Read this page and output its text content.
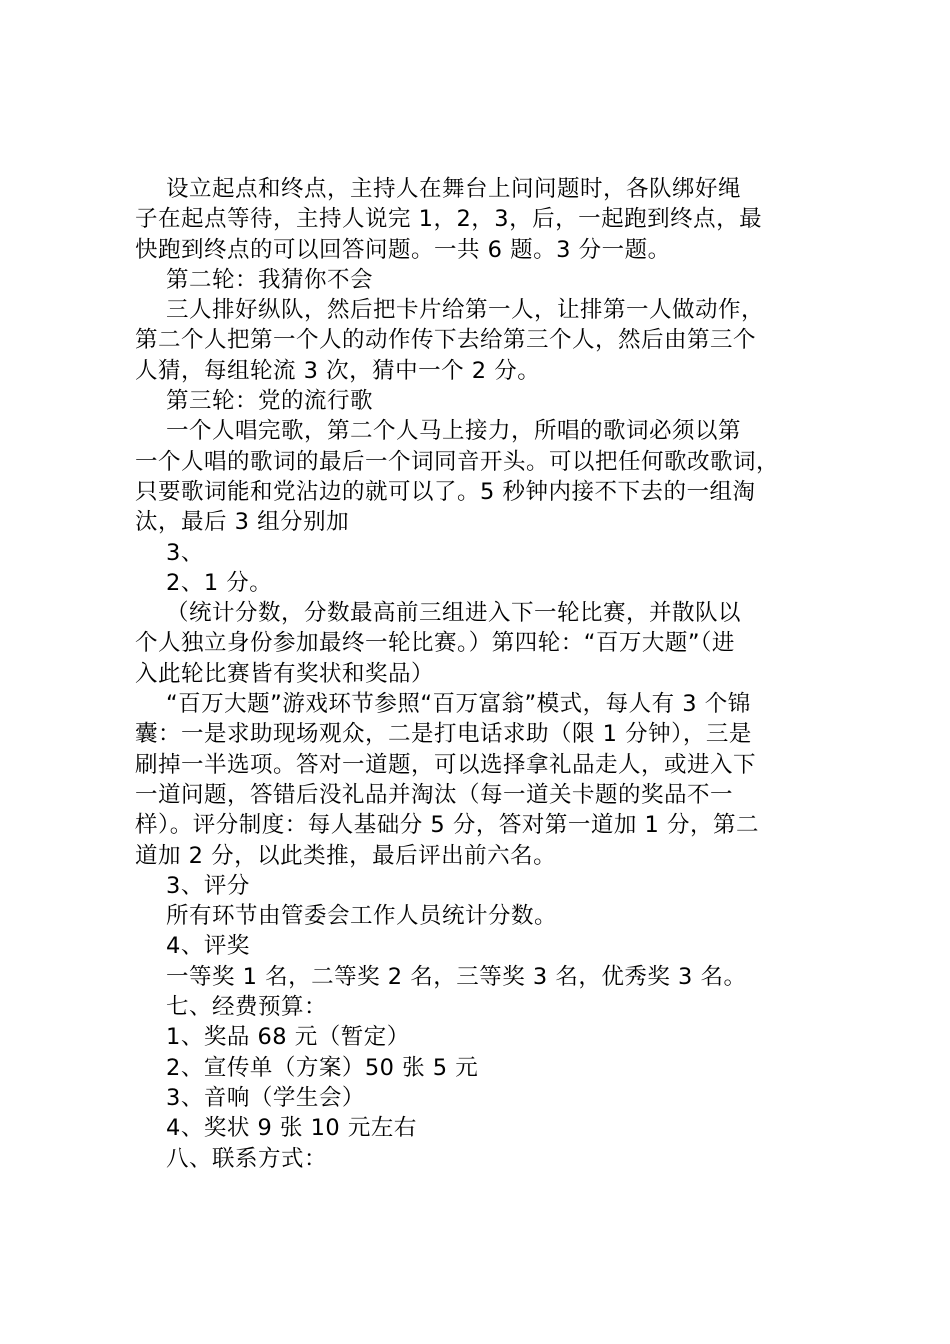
设立起点和终点，主持人在舞台上问问题时，各队绑好绳
子在起点等待，主持人说完 1，2，3，后，一起跑到终点，最
快跑到终点的可以回答问题。一共 6 题。3 分一题。
第二轮：我猜你不会
三人排好纵队，然后把卡片给第一人，让排第一人做动作，
第二个人把第一个人的动作传下去给第三个人，然后由第三个
人猜，每组轮流 3 次，猜中一个 2 分。
第三轮：党的流行歌
一个人唱完歌，第二个人马上接力，所唱的歌词必须以第
一个人唱的歌词的最后一个词同音开头。可以把任何歌改歌词，
只要歌词能和党沾边的就可以了。5 秒钟内接不下去的一组淘
汰，最后 3 组分别加
3、
2、1 分。
（统计分数，分数最高前三组进入下一轮比赛，并散队以
个人独立身份参加最终一轮比赛。）第四轮：“百万大题”（进
入此轮比赛皆有奖状和奖品）
“百万大题”游戏环节参照“百万富翁”模式，每人有 3 个锦
囊：一是求助现场观众，二是打电话求助（限 1 分钟），三是
刷掉一半选项。答对一道题，可以选择拿礼品走人，或进入下
一道问题，答错后没礼品并淘汰（每一道关卡题的奖品不一
样）。评分制度：每人基础分 5 分，答对第一道加 1 分，第二
道加 2 分，以此类推，最后评出前六名。
3、评分
所有环节由管委会工作人员统计分数。
4、评奖
一等奖 1 名，二等奖 2 名，三等奖 3 名，优秀奖 3 名。
七、经费预算：
1、奖品 68 元（暂定）
2、宣传单（方案）50 张 5 元
3、音响（学生会）
4、奖状 9 张 10 元左右
八、联系方式：
